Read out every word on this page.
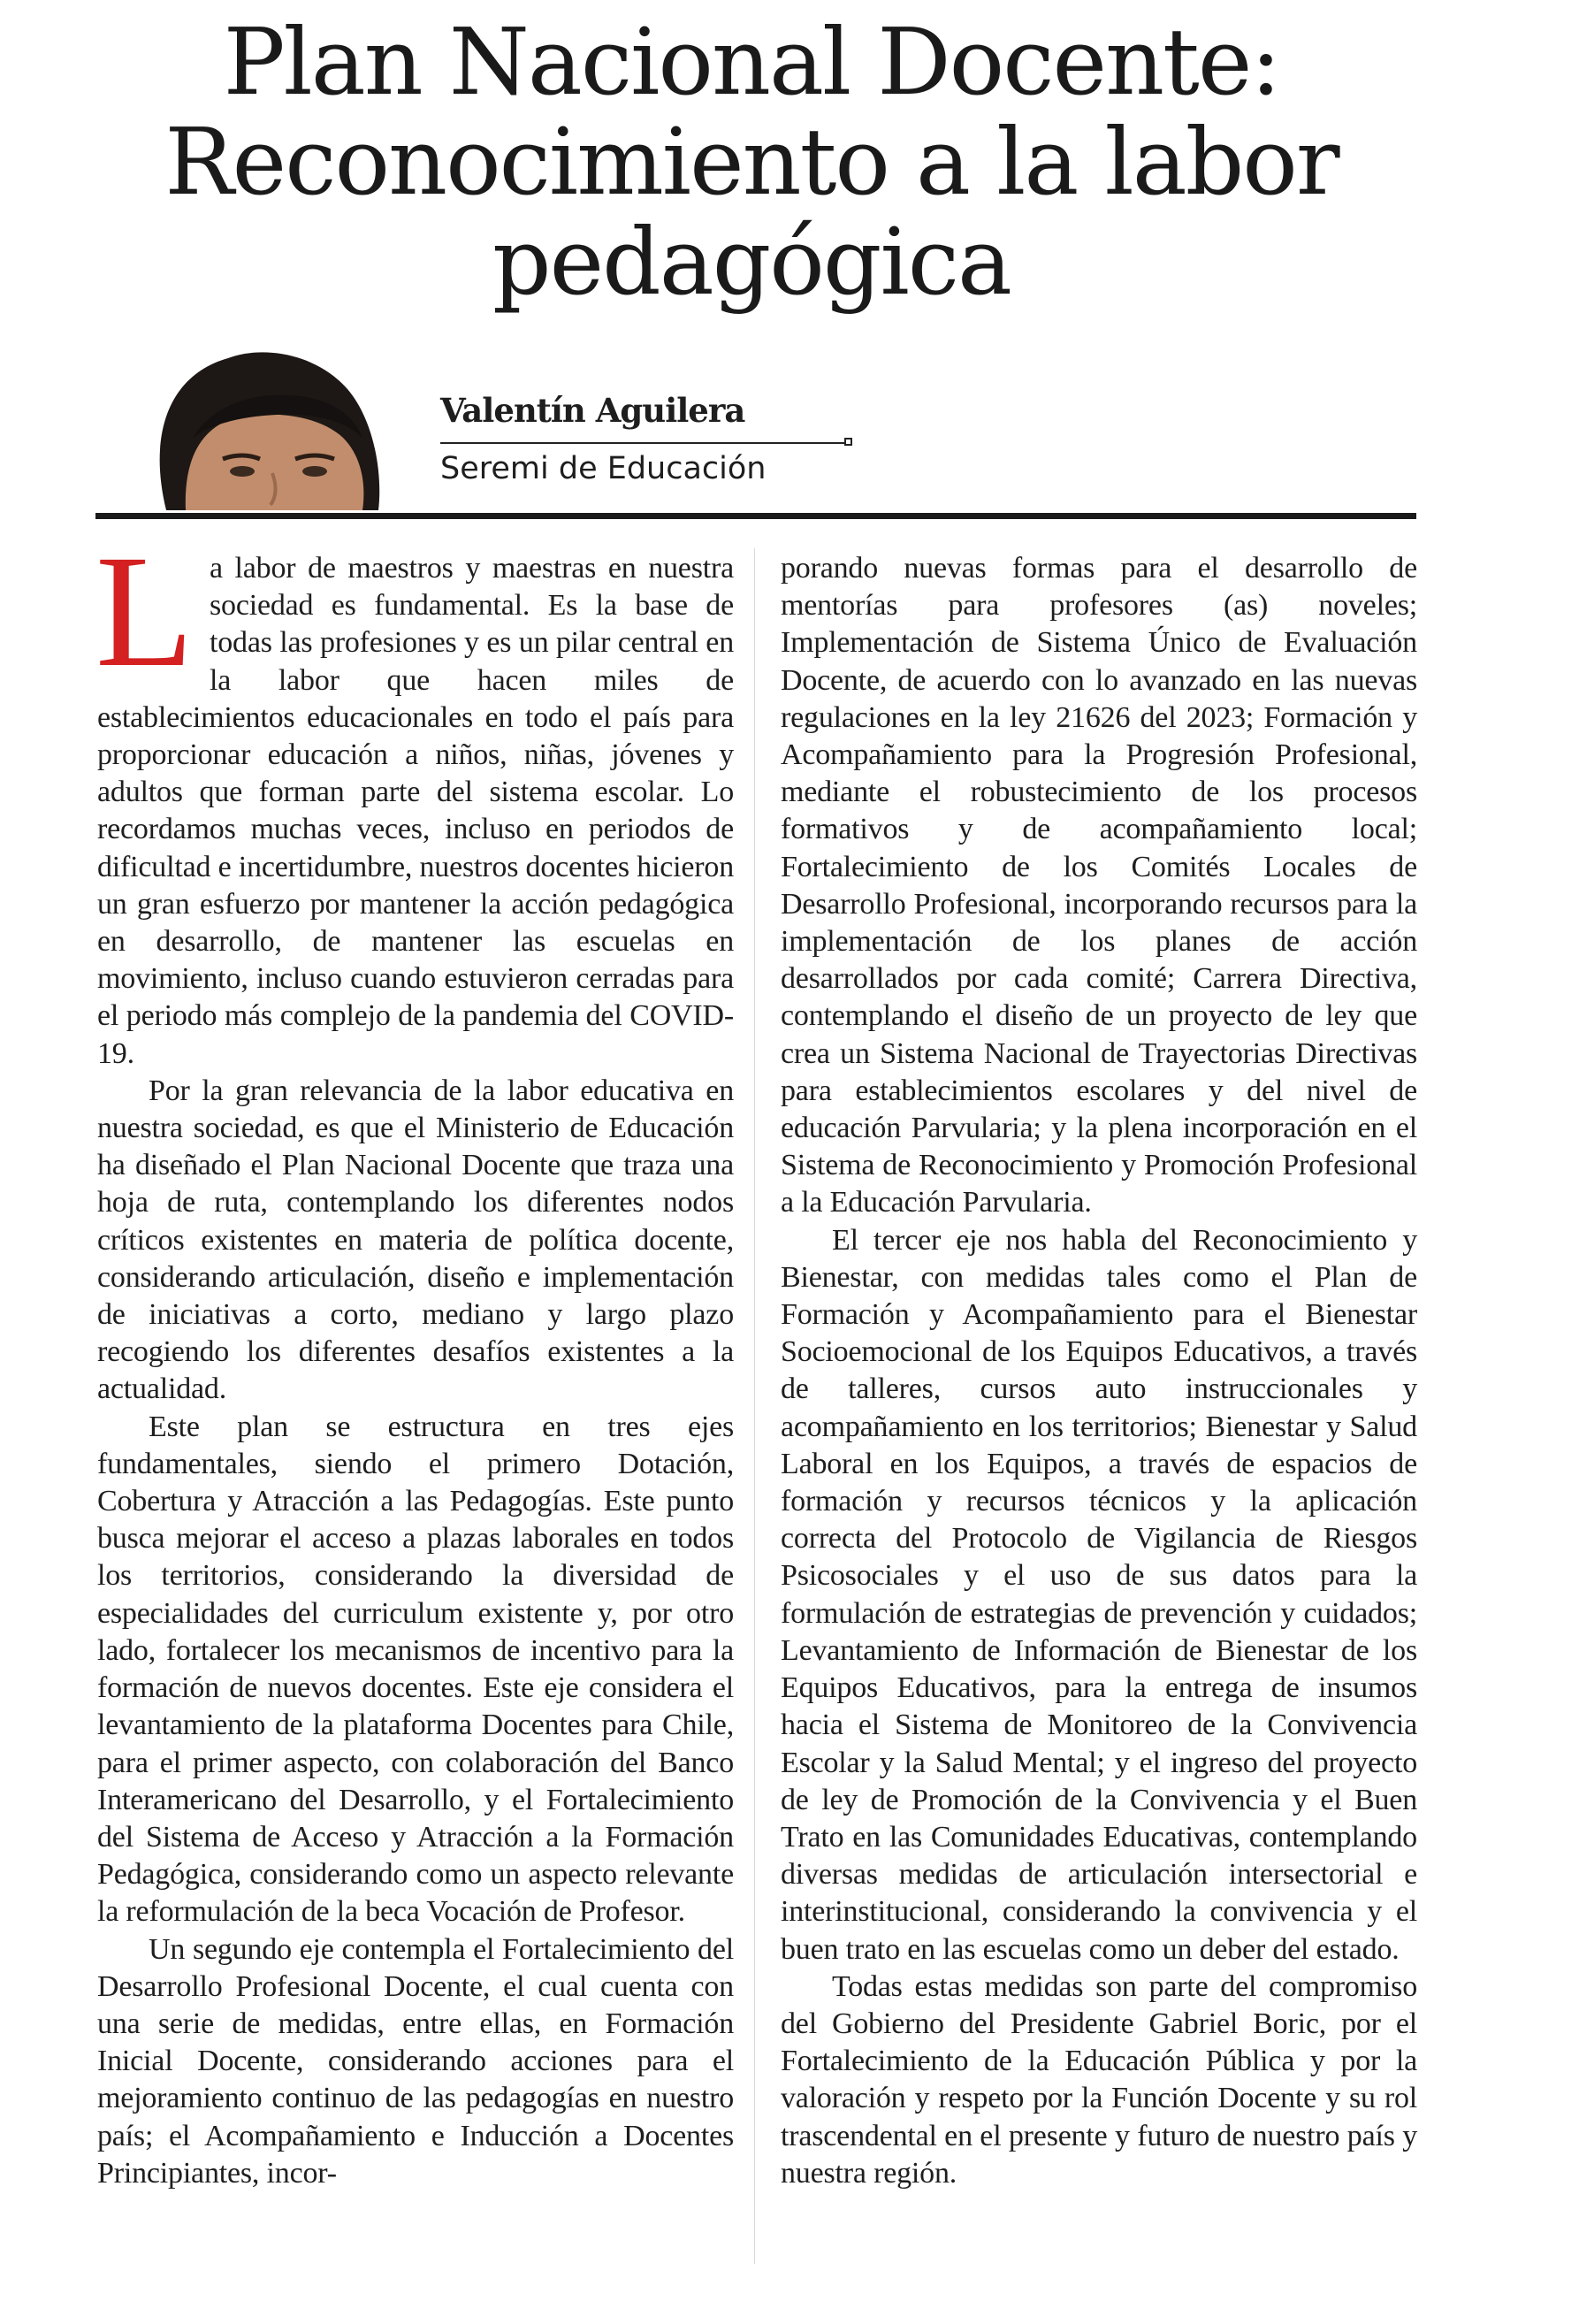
Plan Nacional Docente:
Reconocimiento a la labor
pedagógica
Valentín Aguilera
Seremi de Educación

L a labor de maestros y maestras en nuestra sociedad es fundamental. Es la base de todas las profesiones y es un pilar central en la labor que hacen miles de establecimientos educacionales en todo el país para proporcionar educación a niños, niñas, jóvenes y adultos que forman parte del sistema escolar. Lo recordamos muchas veces, incluso en periodos de dificultad e incertidumbre, nuestros docentes hicieron un gran esfuerzo por mantener la acción pedagógica en desarrollo, de mantener las escuelas en movimiento, incluso cuando estuvieron cerradas para el periodo más complejo de la pandemia del COVID-19.

Por la gran relevancia de la labor educativa en nuestra sociedad, es que el Ministerio de Educación ha diseñado el Plan Nacional Docente que traza una hoja de ruta, contemplando los diferentes nodos críticos existentes en materia de política docente, considerando articulación, diseño e implementación de iniciativas a corto, mediano y largo plazo recogiendo los diferentes desafíos existentes a la actualidad.

Este plan se estructura en tres ejes fundamentales, siendo el primero Dotación, Cobertura y Atracción a las Pedagogías. Este punto busca mejorar el acceso a plazas laborales en todos los territorios, considerando la diversidad de especialidades del curriculum existente y, por otro lado, fortalecer los mecanismos de incentivo para la formación de nuevos docentes. Este eje considera el levantamiento de la plataforma Docentes para Chile, para el primer aspecto, con colaboración del Banco Interamericano del Desarrollo, y el Fortalecimiento del Sistema de Acceso y Atracción a la Formación Pedagógica, considerando como un aspecto relevante la reformulación de la beca Vocación de Profesor.

Un segundo eje contempla el Fortalecimiento del Desarrollo Profesional Docente, el cual cuenta con una serie de medidas, entre ellas, en Formación Inicial Docente, considerando acciones para el mejoramiento continuo de las pedagogías en nuestro país; el Acompañamiento e Inducción a Docentes Principiantes, incor-

porando nuevas formas para el desarrollo de mentorías para profesores (as) noveles; Implementación de Sistema Único de Evaluación Docente, de acuerdo con lo avanzado en las nuevas regulaciones en la ley 21626 del 2023; Formación y Acompañamiento para la Progresión Profesional, mediante el robustecimiento de los procesos formativos y de acompañamiento local; Fortalecimiento de los Comités Locales de Desarrollo Profesional, incorporando recursos para la implementación de los planes de acción desarrollados por cada comité; Carrera Directiva, contemplando el diseño de un proyecto de ley que crea un Sistema Nacional de Trayectorias Directivas para establecimientos escolares y del nivel de educación Parvularia; y la plena incorporación en el Sistema de Reconocimiento y Promoción Profesional a la Educación Parvularia.

El tercer eje nos habla del Reconocimiento y Bienestar, con medidas tales como el Plan de Formación y Acompañamiento para el Bienestar Socioemocional de los Equipos Educativos, a través de talleres, cursos auto instruccionales y acompañamiento en los territorios; Bienestar y Salud Laboral en los Equipos, a través de espacios de formación y recursos técnicos y la aplicación correcta del Protocolo de Vigilancia de Riesgos Psicosociales y el uso de sus datos para la formulación de estrategias de prevención y cuidados; Levantamiento de Información de Bienestar de los Equipos Educativos, para la entrega de insumos hacia el Sistema de Monitoreo de la Convivencia Escolar y la Salud Mental; y el ingreso del proyecto de ley de Promoción de la Convivencia y el Buen Trato en las Comunidades Educativas, contemplando diversas medidas de articulación intersectorial e interinstitucional, considerando la convivencia y el buen trato en las escuelas como un deber del estado.

Todas estas medidas son parte del compromiso del Gobierno del Presidente Gabriel Boric, por el Fortalecimiento de la Educación Pública y por la valoración y respeto por la Función Docente y su rol trascendental en el presente y futuro de nuestro país y nuestra región.
